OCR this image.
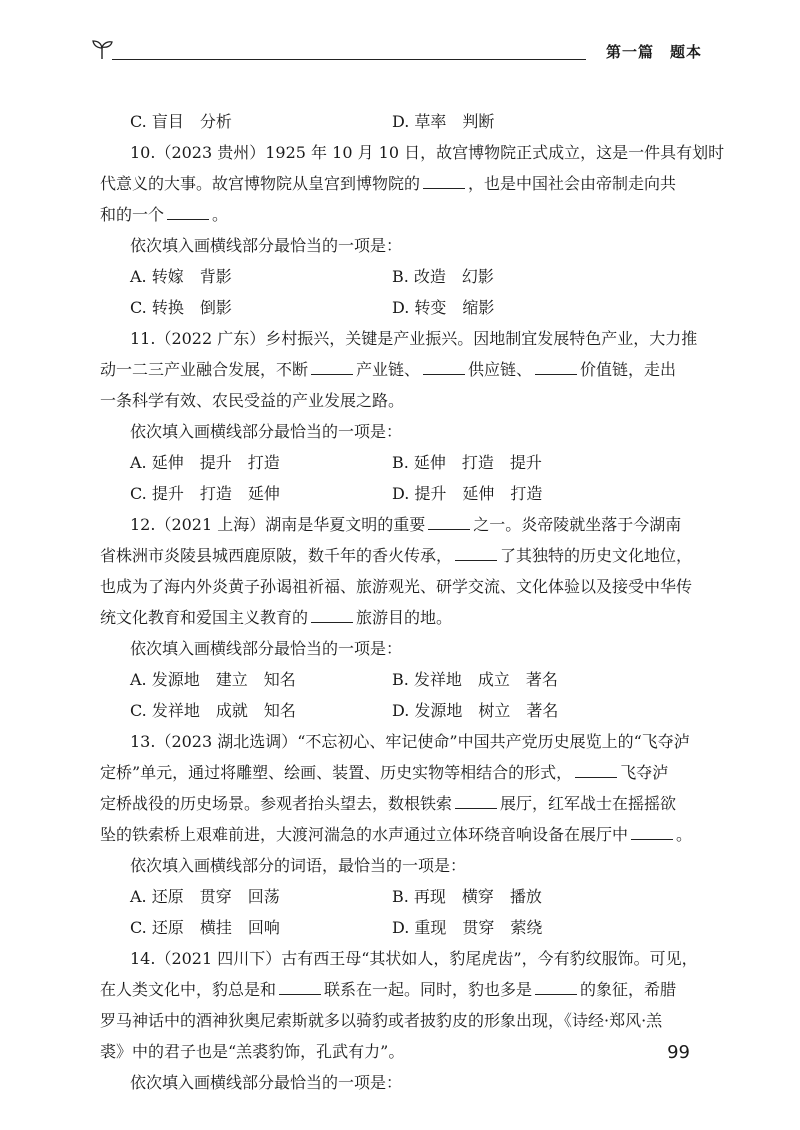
第一篇　题本
C. 盲目　分析	D. 草率　判断
10.（2023 贵州）1925 年 10 月 10 日，故宫博物院正式成立，这是一件具有划时
代意义的大事。故宫博物院从皇宫到博物院的	，也是中国社会由帝制走向共
和的一个	。
依次填入画横线部分最恰当的一项是：
A. 转嫁　背影	B. 改造　幻影
C. 转换　倒影	D. 转变　缩影
11.（2022 广东）乡村振兴，关键是产业振兴。因地制宜发展特色产业，大力推
动一二三产业融合发展，不断	产业链、	供应链、	价值链，走出
一条科学有效、农民受益的产业发展之路。
依次填入画横线部分最恰当的一项是：
A. 延伸　提升　打造	B. 延伸　打造　提升
C. 提升　打造　延伸	D. 提升　延伸　打造
12.（2021 上海）湖南是华夏文明的重要	之一。炎帝陵就坐落于今湖南
省株洲市炎陵县城西鹿原陂，数千年的香火传承，	了其独特的历史文化地位，
也成为了海内外炎黄子孙谒祖祈福、旅游观光、研学交流、文化体验以及接受中华传
统文化教育和爱国主义教育的	旅游目的地。
依次填入画横线部分最恰当的一项是：
A. 发源地　建立　知名	B. 发祥地　成立　著名
C. 发祥地　成就　知名	D. 发源地　树立　著名
13.（2023 湖北选调）“不忘初心、牢记使命”中国共产党历史展览上的“飞夺泸
定桥”单元，通过将雕塑、绘画、装置、历史实物等相结合的形式，	飞夺泸
定桥战役的历史场景。参观者抬头望去，数根铁索	展厅，红军战士在摇摇欲
坠的铁索桥上艰难前进，大渡河湍急的水声通过立体环绕音响设备在展厅中	。
依次填入画横线部分的词语，最恰当的一项是：
A. 还原　贯穿　回荡	B. 再现　横穿　播放
C. 还原　横挂　回响	D. 重现　贯穿　萦绕
14.（2021 四川下）古有西王母“其状如人，豹尾虎齿”，今有豹纹服饰。可见，
在人类文化中，豹总是和	联系在一起。同时，豹也多是	的象征，希腊
罗马神话中的酒神狄奥尼索斯就多以骑豹或者披豹皮的形象出现，《诗经·郑风·羔
裘》中的君子也是“羔裘豹饰，孔武有力”。
依次填入画横线部分最恰当的一项是：
99
